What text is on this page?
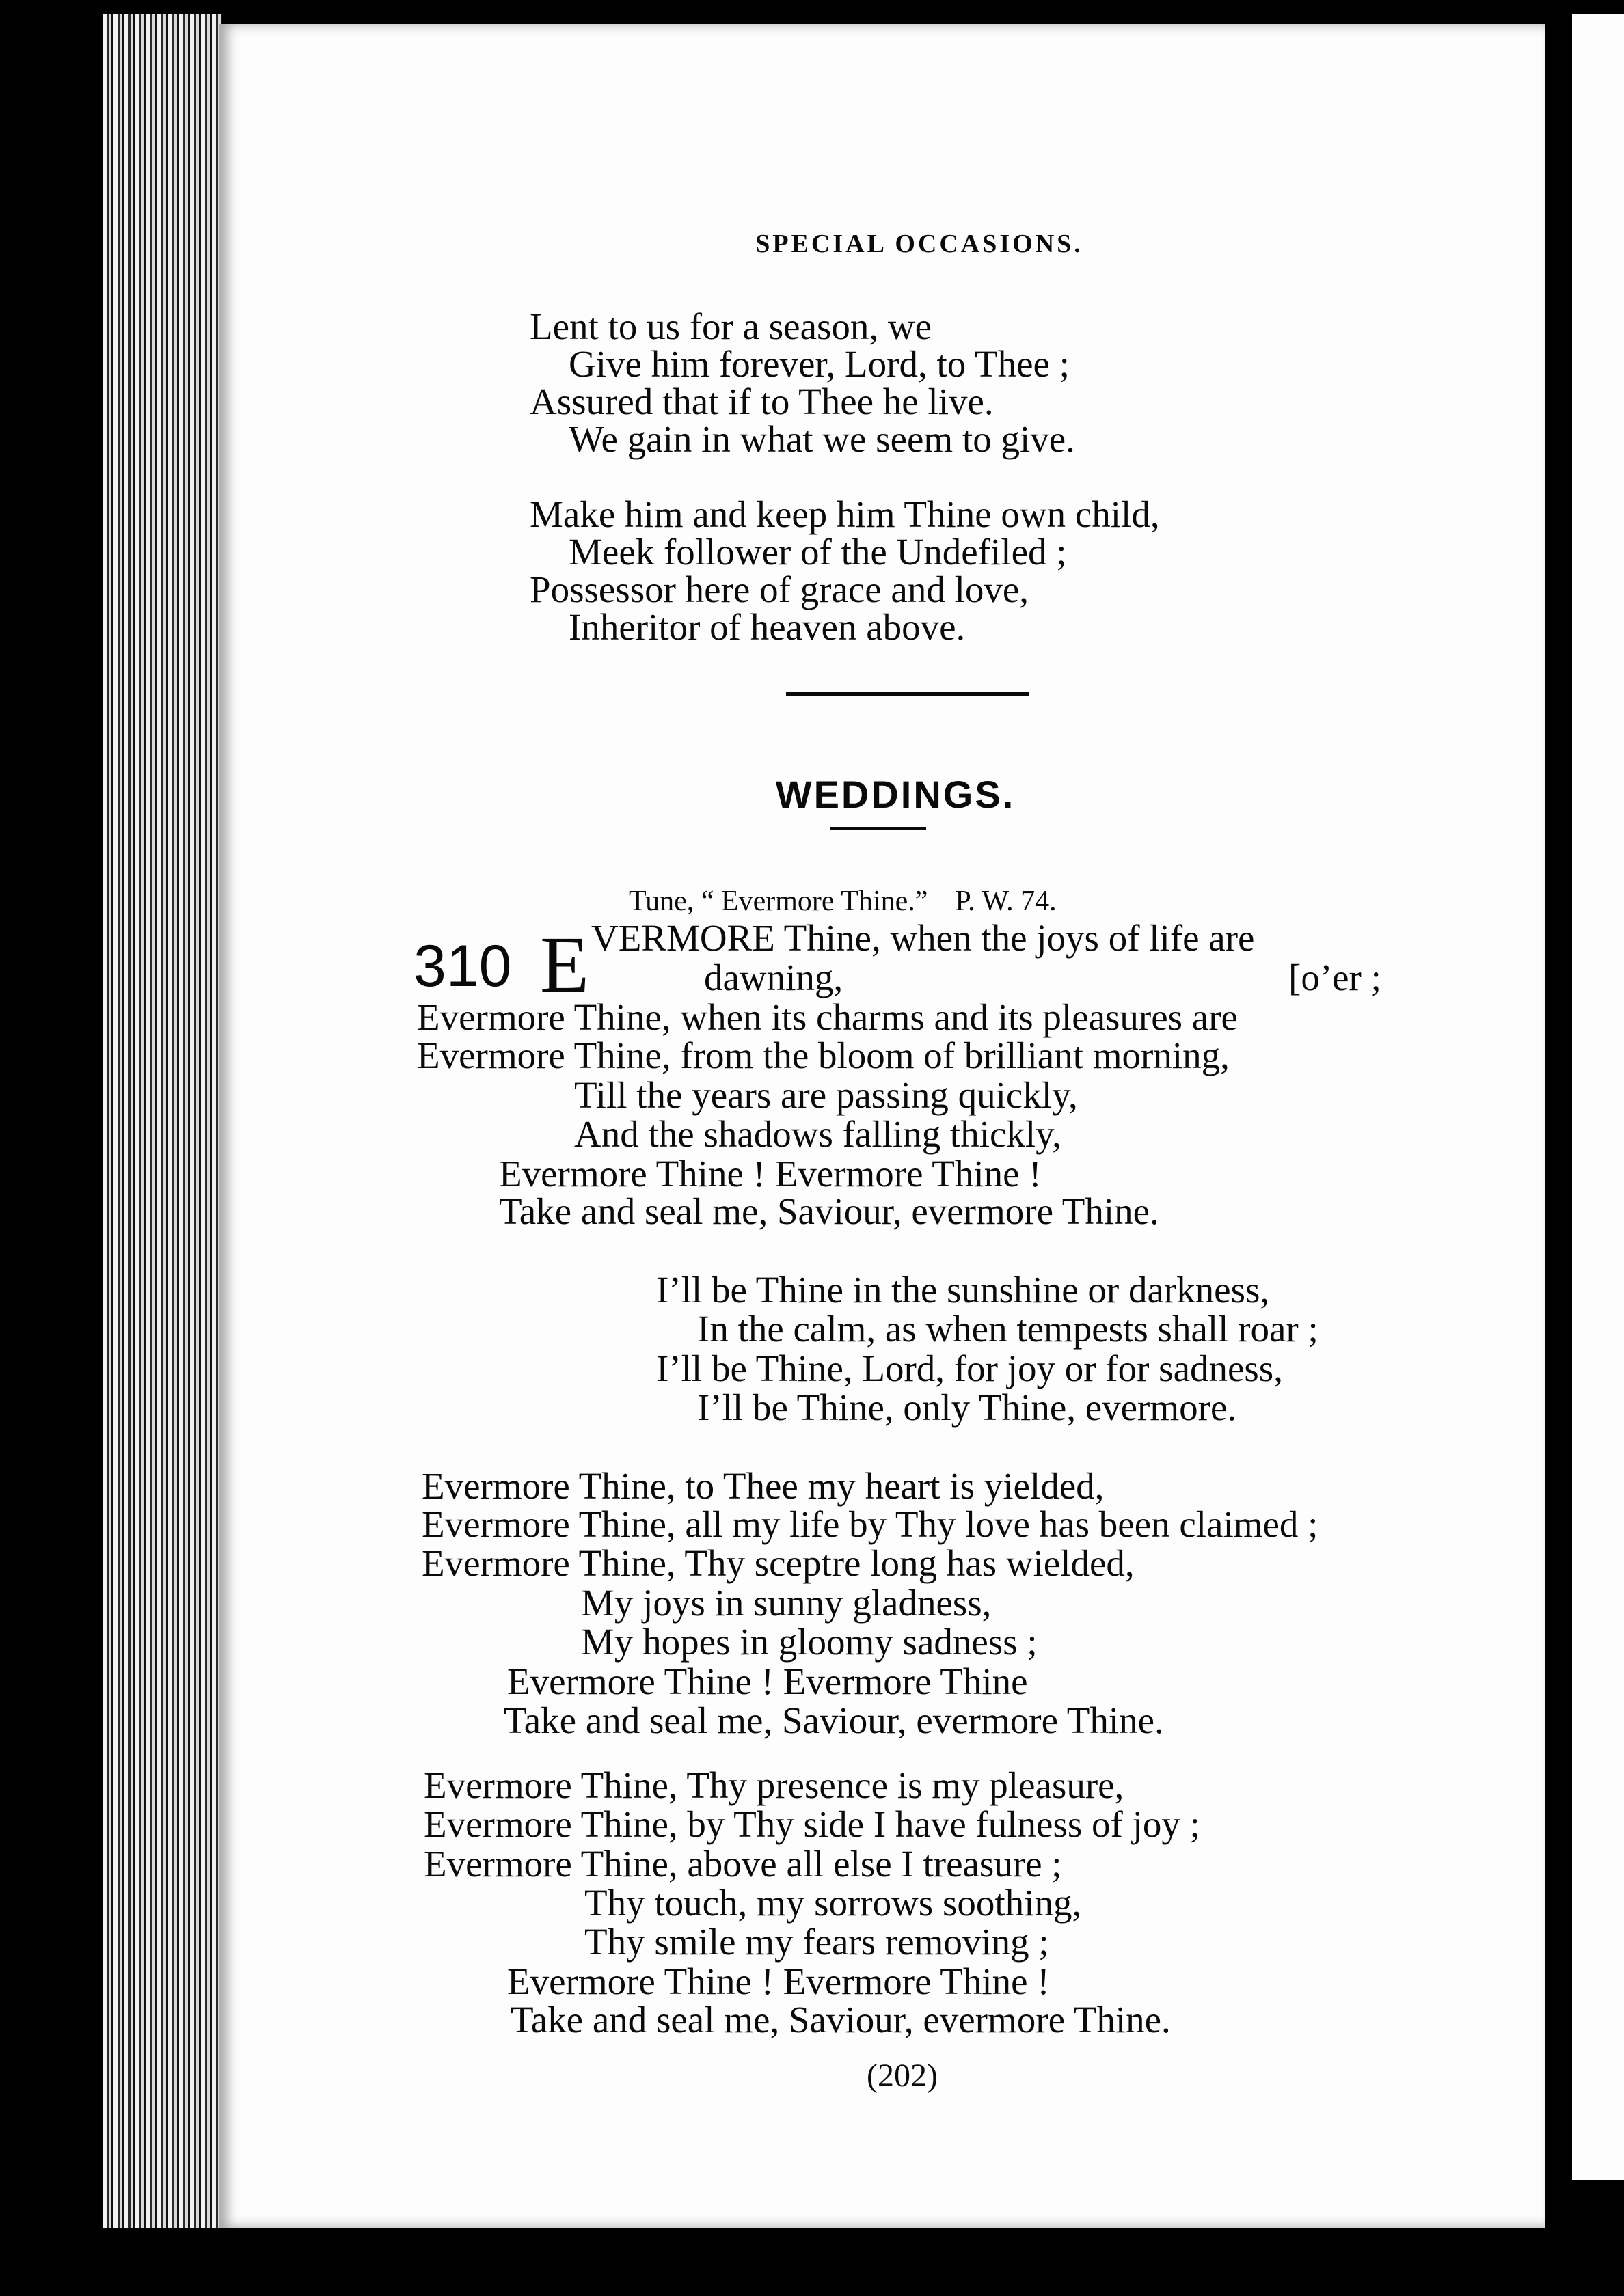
SPECIAL OCCASIONS.
Lent to us for a season, we
Give him forever, Lord, to Thee ;
Assured that if to Thee he live.
We gain in what we seem to give.
Make him and keep him Thine own child,
Meek follower of the Undefiled ;
Possessor here of grace and love,
Inheritor of heaven above.
WEDDINGS.
Tune, “ Evermore Thine.” P. W. 74.
310 E VERMORE Thine, when the joys of life are
dawning,	[o’er ;
Evermore Thine, when its charms and its pleasures are
Evermore Thine, from the bloom of brilliant morning,
Till the years are passing quickly,
And the shadows falling thickly,
Evermore Thine ! Evermore Thine !
Take and seal me, Saviour, evermore Thine.
I’ll be Thine in the sunshine or darkness,
In the calm, as when tempests shall roar ;
I’ll be Thine, Lord, for joy or for sadness,
I’ll be Thine, only Thine, evermore.
Evermore Thine, to Thee my heart is yielded,
Evermore Thine, all my life by Thy love has been claimed ;
Evermore Thine, Thy sceptre long has wielded,
My joys in sunny gladness,
My hopes in gloomy sadness ;
Evermore Thine ! Evermore Thine
Take and seal me, Saviour, evermore Thine.
Evermore Thine, Thy presence is my pleasure,
Evermore Thine, by Thy side I have fulness of joy ;
Evermore Thine, above all else I treasure ;
Thy touch, my sorrows soothing,
Thy smile my fears removing ;
Evermore Thine ! Evermore Thine !
Take and seal me, Saviour, evermore Thine.
(202)
